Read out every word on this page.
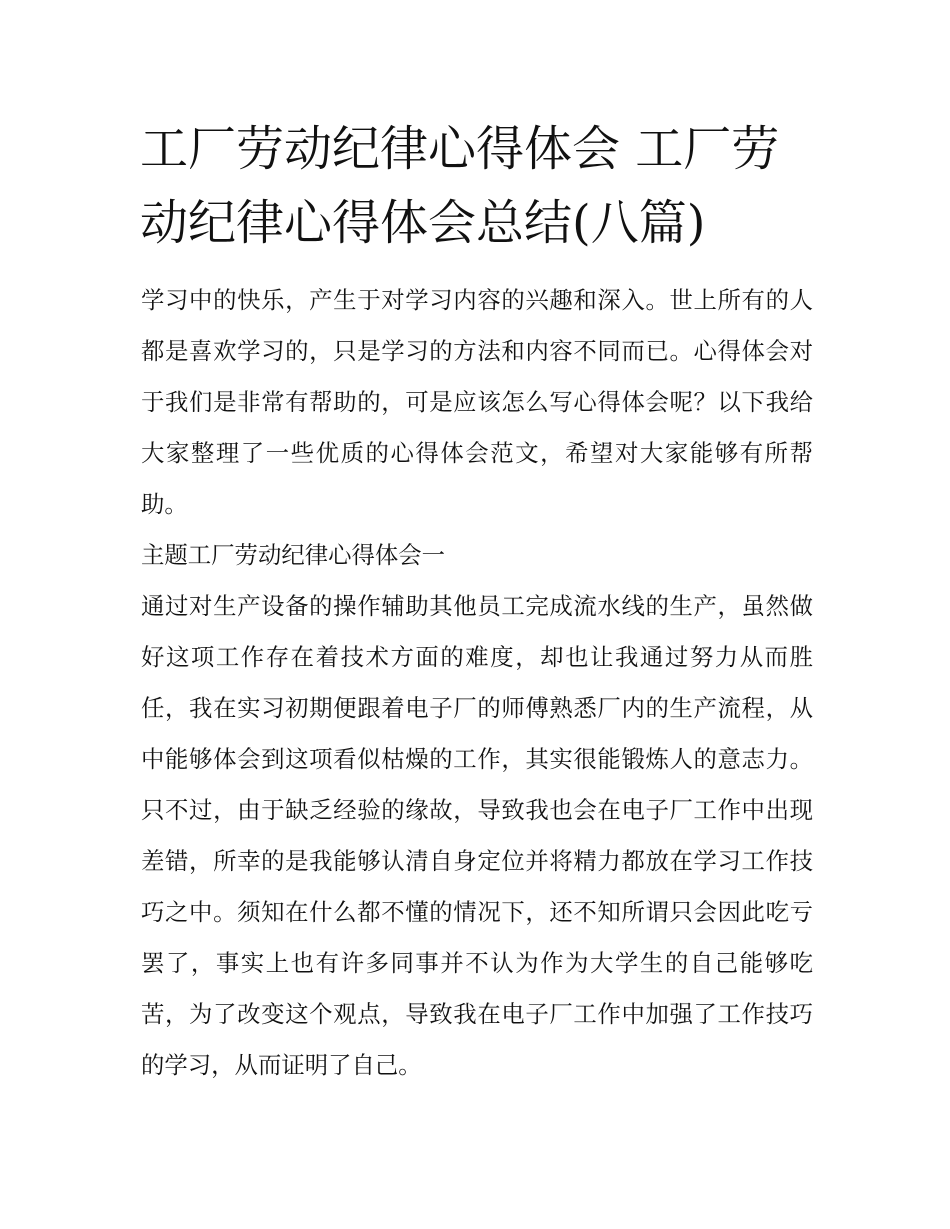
工厂劳动纪律心得体会 工厂劳动纪律心得体会总结(八篇)

学习中的快乐，产生于对学习内容的兴趣和深入。世上所有的人都是喜欢学习的，只是学习的方法和内容不同而已。心得体会对于我们是非常有帮助的，可是应该怎么写心得体会呢？以下我给大家整理了一些优质的心得体会范文，希望对大家能够有所帮助。

主题工厂劳动纪律心得体会一

通过对生产设备的操作辅助其他员工完成流水线的生产，虽然做好这项工作存在着技术方面的难度，却也让我通过努力从而胜任，我在实习初期便跟着电子厂的师傅熟悉厂内的生产流程，从中能够体会到这项看似枯燥的工作，其实很能锻炼人的意志力。只不过，由于缺乏经验的缘故，导致我也会在电子厂工作中出现差错，所幸的是我能够认清自身定位并将精力都放在学习工作技巧之中。须知在什么都不懂的情况下，还不知所谓只会因此吃亏罢了，事实上也有许多同事并不认为作为大学生的自己能够吃苦，为了改变这个观点，导致我在电子厂工作中加强了工作技巧的学习，从而证明了自己。
